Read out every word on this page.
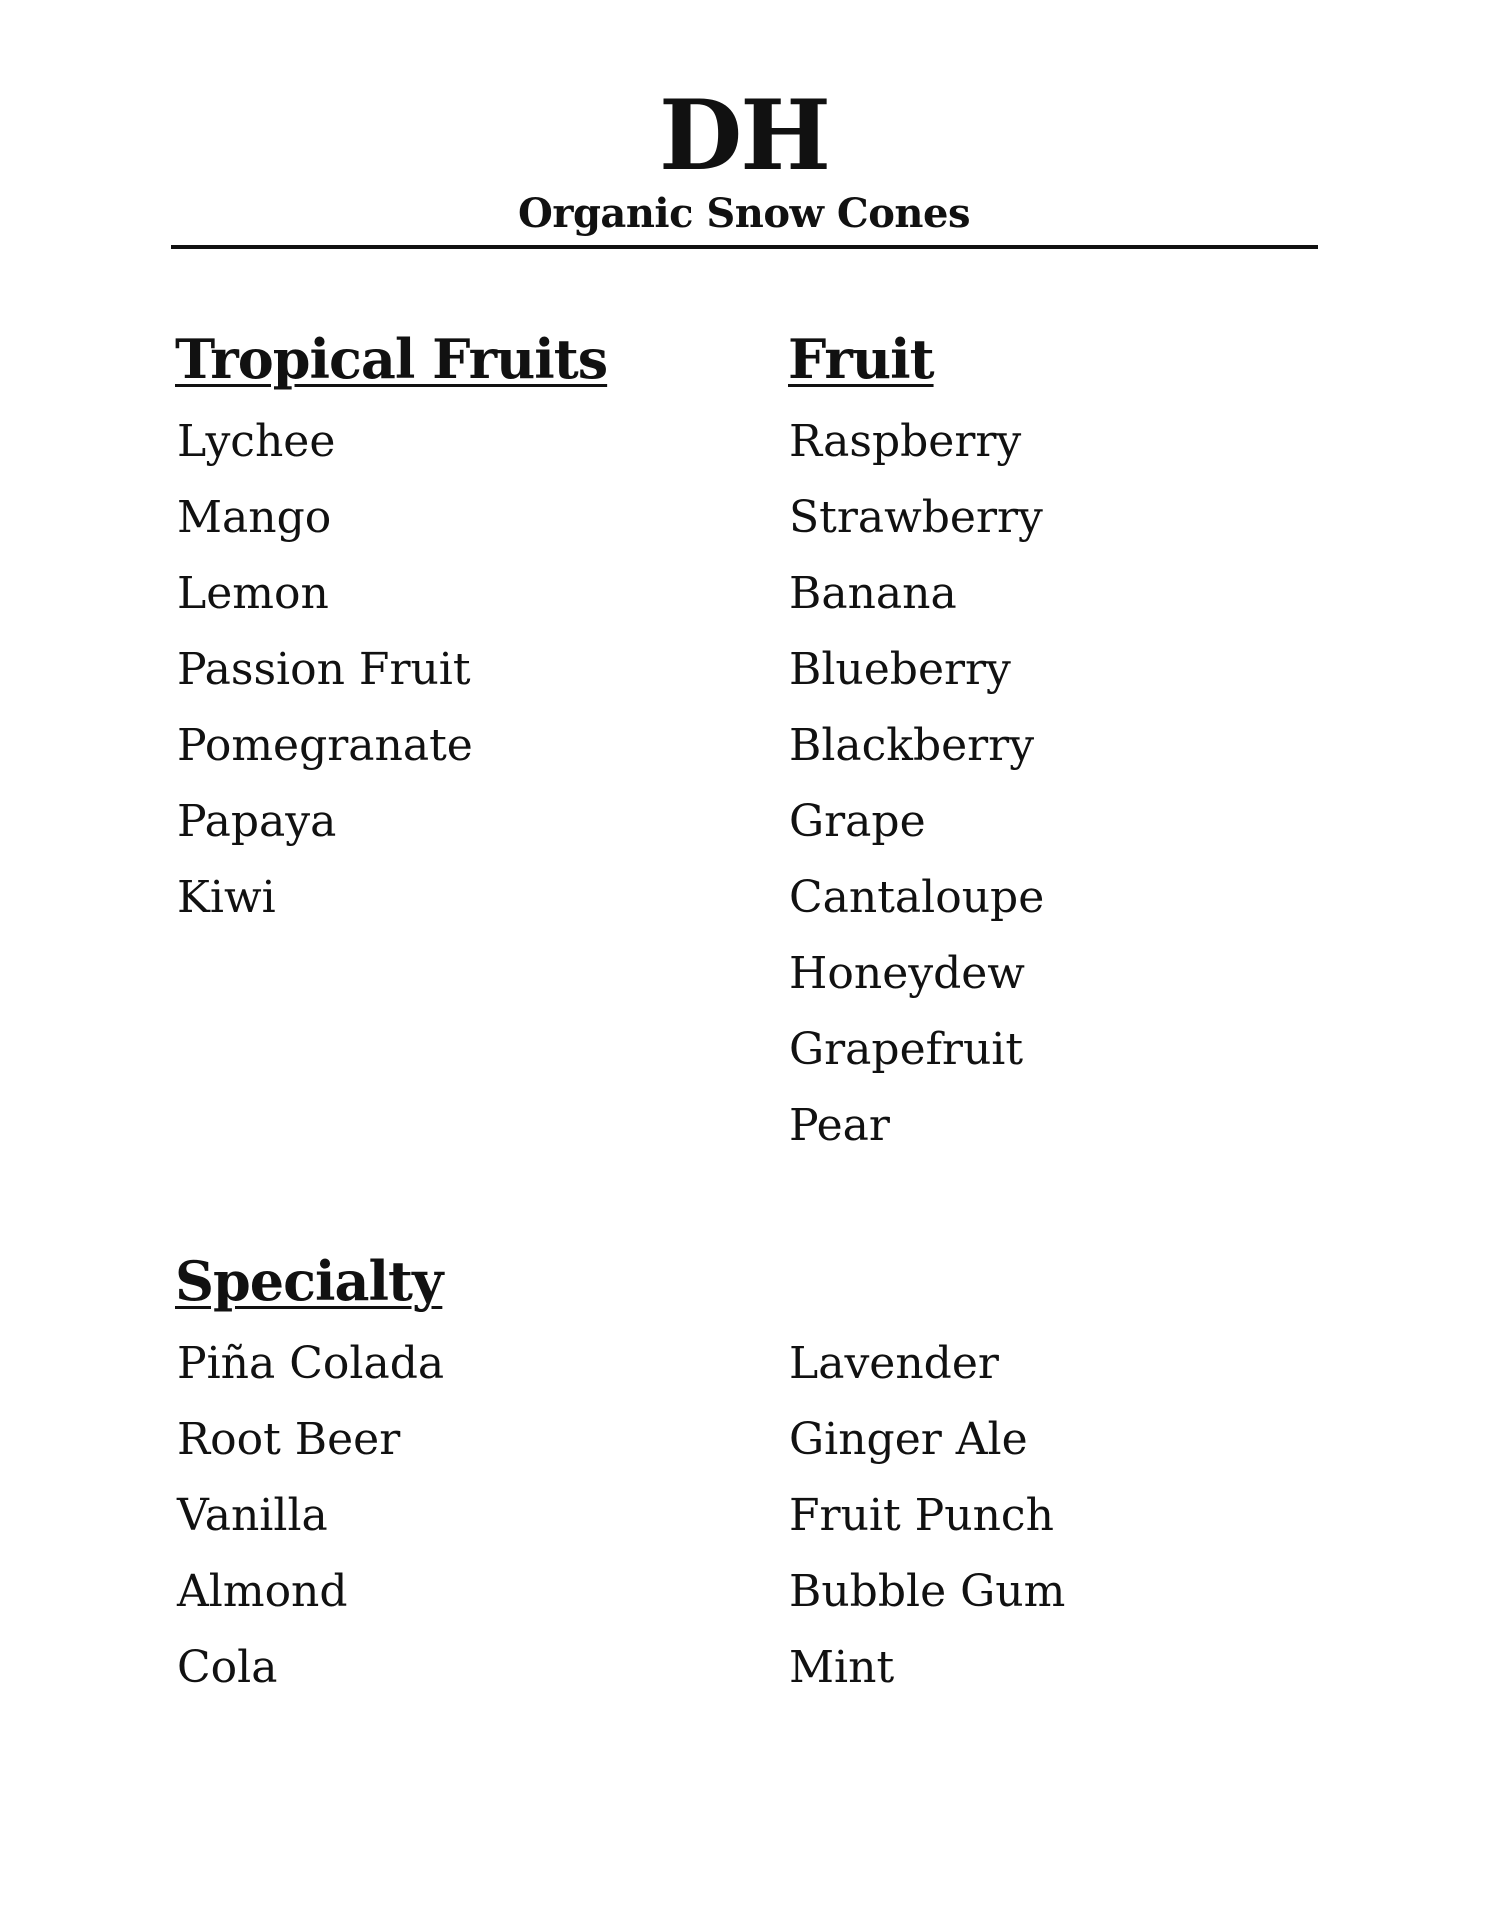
DH
Organic Snow Cones
Tropical Fruits
Lychee
Mango
Lemon
Passion Fruit
Pomegranate
Papaya
Kiwi
Fruit
Raspberry
Strawberry
Banana
Blueberry
Blackberry
Grape
Cantaloupe
Honeydew
Grapefruit
Pear
Specialty
Piña Colada
Root Beer
Vanilla
Almond
Cola
Lavender
Ginger Ale
Fruit Punch
Bubble Gum
Mint
